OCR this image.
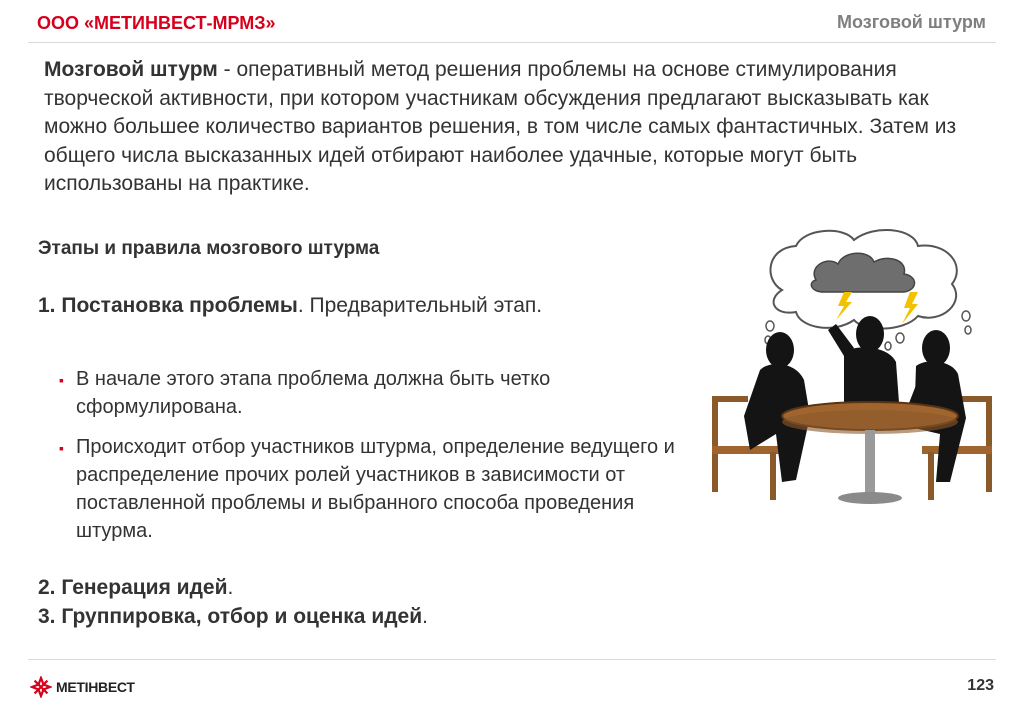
ООО «МЕТИНВЕСТ-МРМЗ»	Мозговой штурм
Мозговой штурм - оперативный метод решения проблемы на основе стимулирования творческой активности, при котором участникам обсуждения предлагают высказывать как можно большее количество вариантов решения, в том числе самых фантастичных. Затем из общего числа высказанных идей отбирают наиболее удачные, которые могут быть использованы на практике.
Этапы и правила мозгового штурма
1. Постановка проблемы. Предварительный этап.
▪ В начале этого этапа проблема должна быть четко сформулирована.
▪ Происходит отбор участников штурма, определение ведущего и распределение прочих ролей участников в зависимости от поставленной проблемы и выбранного способа проведения штурма.
2. Генерация идей.
3. Группировка, отбор и оценка идей.
МЕТІНВЕСТ	123
